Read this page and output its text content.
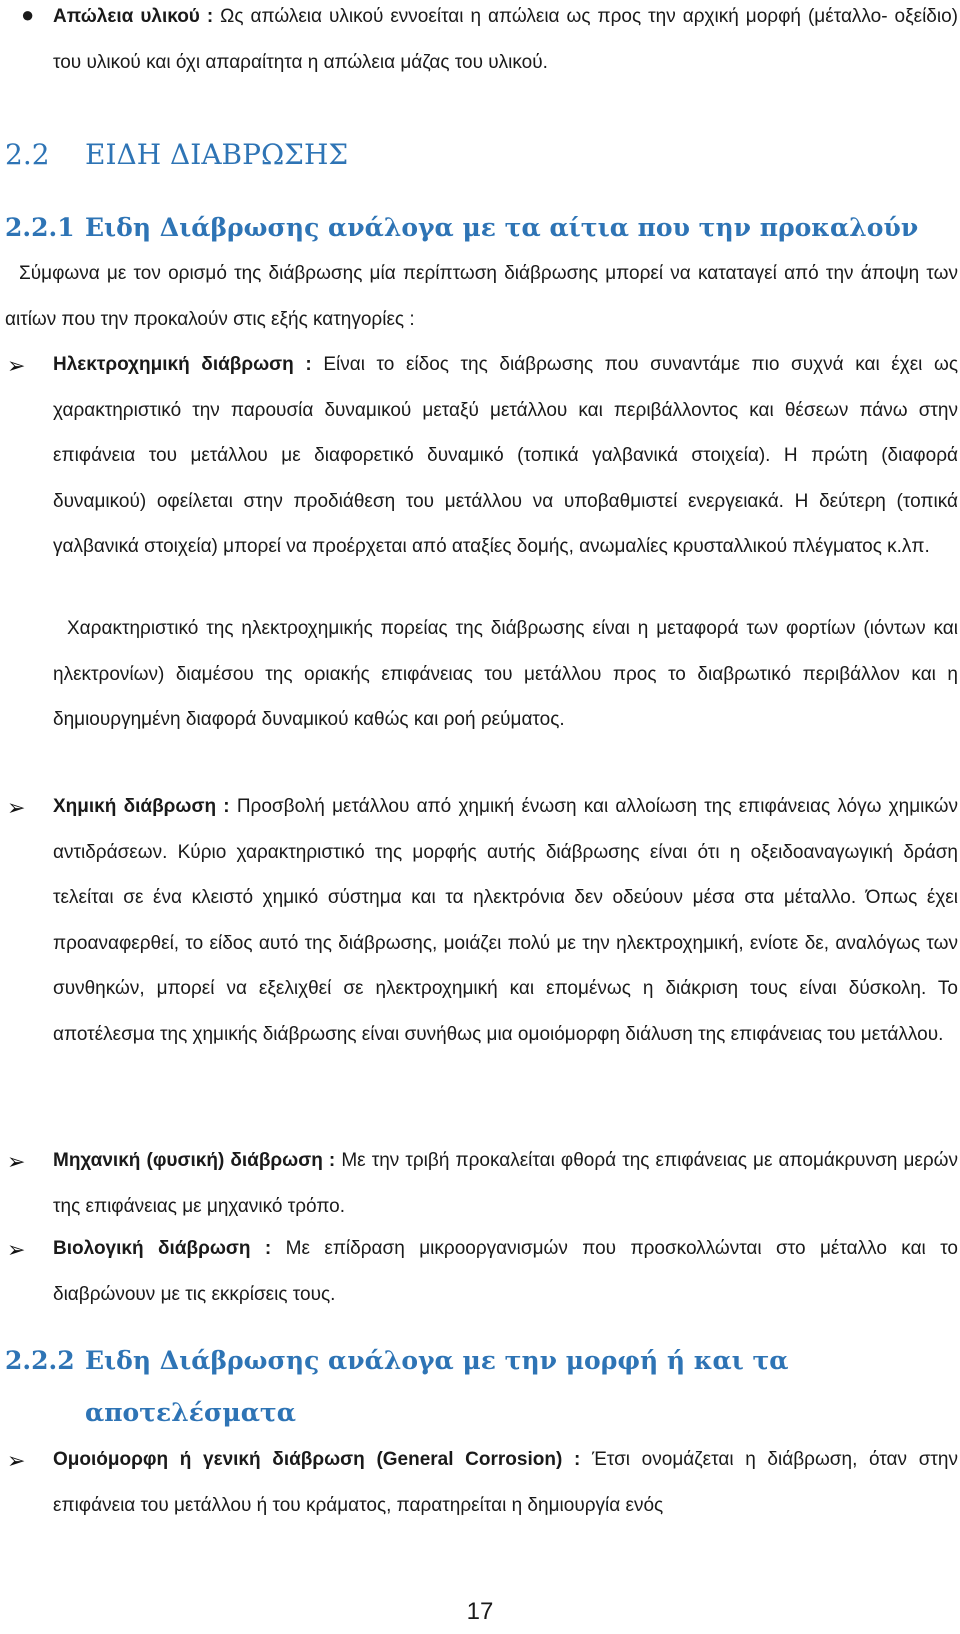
● Απώλεια υλικού : Ως απώλεια υλικού εννοείται η απώλεια ως προς την αρχική μορφή (μέταλλο- οξείδιο) του υλικού και όχι απαραίτητα η απώλεια μάζας του υλικού.

2.2 ΕΙΔΗ ΔΙΑΒΡΩΣΗΣ
2.2.1 Ειδη Διάβρωσης ανάλογα με τα αίτια που την προκαλούν

Σύμφωνα με τον ορισμό της διάβρωσης μία περίπτωση διάβρωσης μπορεί να καταταγεί από την άποψη των αιτίων που την προκαλούν στις εξής κατηγορίες :

➢ Ηλεκτροχημική διάβρωση : Είναι το είδος της διάβρωσης που συναντάμε πιο συχνά και έχει ως χαρακτηριστικό την παρουσία δυναμικού μεταξύ μετάλλου και περιβάλλοντος και θέσεων πάνω στην επιφάνεια του μετάλλου με διαφορετικό δυναμικό (τοπικά γαλβανικά στοιχεία). Η πρώτη (διαφορά δυναμικού) οφείλεται στην προδιάθεση του μετάλλου να υποβαθμιστεί ενεργειακά. Η δεύτερη (τοπικά γαλβανικά στοιχεία) μπορεί να προέρχεται από αταξίες δομής, ανωμαλίες κρυσταλλικού πλέγματος κ.λπ.

Χαρακτηριστικό της ηλεκτροχημικής πορείας της διάβρωσης είναι η μεταφορά των φορτίων (ιόντων και ηλεκτρονίων) διαμέσου της οριακής επιφάνειας του μετάλλου προς το διαβρωτικό περιβάλλον και η δημιουργημένη διαφορά δυναμικού καθώς και ροή ρεύματος.

➢ Χημική διάβρωση : Προσβολή μετάλλου από χημική ένωση και αλλοίωση της επιφάνειας λόγω χημικών αντιδράσεων. Κύριο χαρακτηριστικό της μορφής αυτής διάβρωσης είναι ότι η οξειδοαναγωγική δράση τελείται σε ένα κλειστό χημικό σύστημα και τα ηλεκτρόνια δεν οδεύουν μέσα στα μέταλλο. Όπως έχει προαναφερθεί, το είδος αυτό της διάβρωσης, μοιάζει πολύ με την ηλεκτροχημική, ενίοτε δε, αναλόγως των συνθηκών, μπορεί να εξελιχθεί σε ηλεκτροχημική και επομένως η διάκριση τους είναι δύσκολη. Το αποτέλεσμα της χημικής διάβρωσης είναι συνήθως μια ομοιόμορφη διάλυση της επιφάνειας του μετάλλου.

➢ Μηχανική (φυσική) διάβρωση : Με την τριβή προκαλείται φθορά της επιφάνειας με απομάκρυνση μερών της επιφάνειας με μηχανικό τρόπο.

➢ Βιολογική διάβρωση : Με επίδραση μικροοργανισμών που προσκολλώνται στο μέταλλο και το διαβρώνουν με τις εκκρίσεις τους.

2.2.2 Ειδη Διάβρωσης ανάλογα με την μορφή ή και τα
αποτελέσματα
➢ Ομοιόμορφη ή γενική διάβρωση (General Corrosion) : Έτσι ονομάζεται η διάβρωση, όταν στην επιφάνεια του μετάλλου ή του κράματος, παρατηρείται η δημιουργία ενός

17
